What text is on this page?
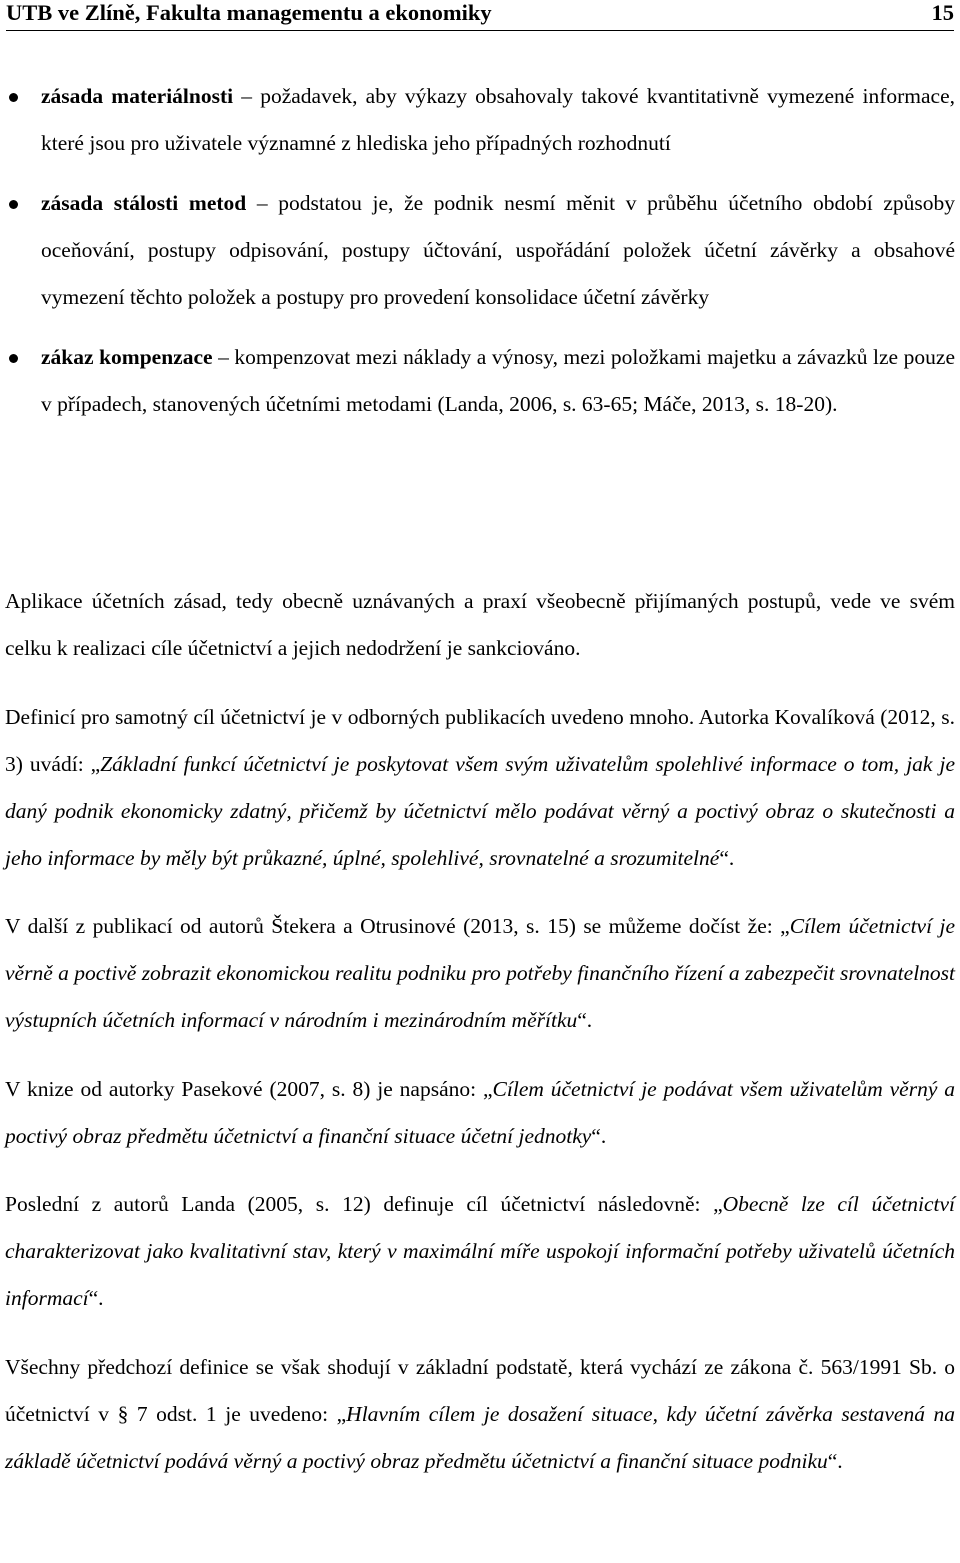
UTB ve Zlíně, Fakulta managementu a ekonomiky	15
zásada materiálnosti – požadavek, aby výkazy obsahovaly takové kvantitativně vymezené informace, které jsou pro uživatele významné z hlediska jeho případných rozhodnutí
zásada stálosti metod – podstatou je, že podnik nesmí měnit v průběhu účetního období způsoby oceňování, postupy odpisování, postupy účtování, uspořádání položek účetní závěrky a obsahové vymezení těchto položek a postupy pro provedení konsolidace účetní závěrky
zákaz kompenzace – kompenzovat mezi náklady a výnosy, mezi položkami majetku a závazků lze pouze v případech, stanovených účetními metodami (Landa, 2006, s. 63-65; Máče, 2013, s. 18-20).

Aplikace účetních zásad, tedy obecně uznávaných a praxí všeobecně přijímaných postupů, vede ve svém celku k realizaci cíle účetnictví a jejich nedodržení je sankciováno.

Definicí pro samotný cíl účetnictví je v odborných publikacích uvedeno mnoho. Autorka Kovalíková (2012, s. 3) uvádí: „Základní funkcí účetnictví je poskytovat všem svým uživatelům spolehlivé informace o tom, jak je daný podnik ekonomicky zdatný, přičemž by účetnictví mělo podávat věrný a poctivý obraz o skutečnosti a jeho informace by měly být průkazné, úplné, spolehlivé, srovnatelné a srozumitelné“.

V další z publikací od autorů Štekera a Otrusinové (2013, s. 15) se můžeme dočíst že: „Cílem účetnictví je věrně a poctivě zobrazit ekonomickou realitu podniku pro potřeby finančního řízení a zabezpečit srovnatelnost výstupních účetních informací v národním i mezinárodním měřítku“.

V knize od autorky Pasekové (2007, s. 8) je napsáno: „Cílem účetnictví je podávat všem uživatelům věrný a poctivý obraz předmětu účetnictví a finanční situace účetní jednotky“.

Poslední z autorů Landa (2005, s. 12) definuje cíl účetnictví následovně: „Obecně lze cíl účetnictví charakterizovat jako kvalitativní stav, který v maximální míře uspokojí informační potřeby uživatelů účetních informací“.

Všechny předchozí definice se však shodují v základní podstatě, která vychází ze zákona č. 563/1991 Sb. o účetnictví v § 7 odst. 1 je uvedeno: „Hlavním cílem je dosažení situace, kdy účetní závěrka sestavená na základě účetnictví podává věrný a poctivý obraz předmětu účetnictví a finanční situace podniku“.
